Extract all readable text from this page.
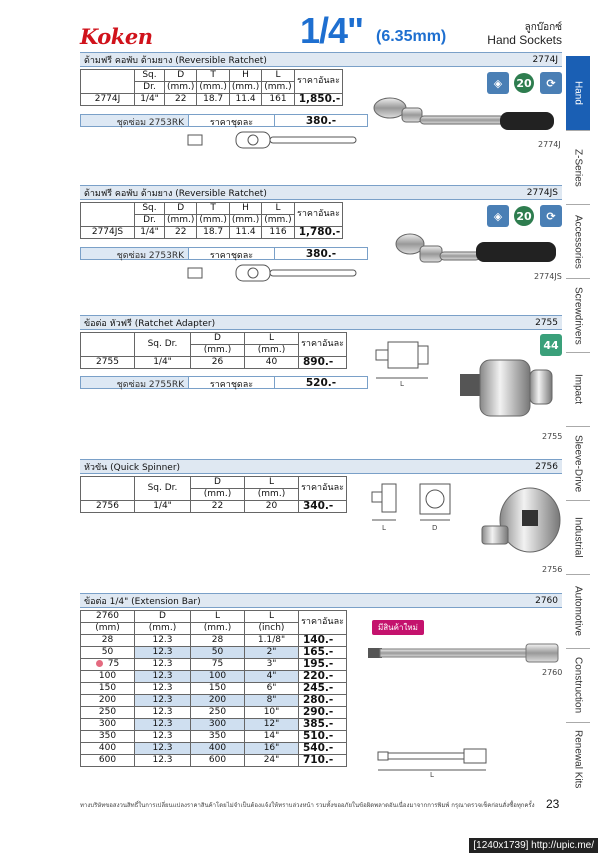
Koken	1/4" (6.35mm)
ลูกบ๊อกซ์
Hand Sockets
Hand
Z-Series
Accessories
Screwdrivers
Impact
Sleeve-Drive
Industrial
Automotive
Construction
Renewal Kits
ด้ามฟรี คอพับ ด้ามยาง (Reversible Ratchet)	2774J
	Sq.	D	T	H	L	ราคาอันละ
	Dr.	(mm.)	(mm.)	(mm.)	(mm.)	
2774J	1/4"	22	18.7	11.4	161	1,850.-
ชุดซ่อม 2753RK	ราคาชุดละ	380.-
◈	20	⟳
2774J
ด้ามฟรี คอพับ ด้ามยาง (Reversible Ratchet)	2774JS
	Sq.	D	T	H	L	ราคาอันละ
	Dr.	(mm.)	(mm.)	(mm.)	(mm.)	
2774JS	1/4"	22	18.7	11.4	116	1,780.-
ชุดซ่อม 2753RK	ราคาชุดละ	380.-
◈	20	⟳
2774JS
ข้อต่อ หัวฟรี (Ratchet Adapter)	2755
	Sq. Dr.	D	L	ราคาอันละ
		(mm.)	(mm.)	
2755	1/4"	26	40	890.-
ชุดซ่อม 2755RK	ราคาชุดละ	520.-	L
44
2755
หัวขัน (Quick Spinner)	2756
	Sq. Dr.	D	L	ราคาอันละ
		(mm.)	(mm.)	
2756	1/4"	22	20	340.-
L	D
2756
ข้อต่อ 1/4" (Extension Bar)	2760
2760	D	L	L	ราคาอันละ
(mm)	(mm.)	(mm.)	(inch)	
28	12.3	28	1.1/8"	140.-
50	12.3	50	2"	165.-
75	12.3	75	3"	195.-
100	12.3	100	4"	220.-
150	12.3	150	6"	245.-
200	12.3	200	8"	280.-
250	12.3	250	10"	290.-
300	12.3	300	12"	385.-
350	12.3	350	14"	510.-
400	12.3	400	16"	540.-
600	12.3	600	24"	710.-
มีสินค้าใหม่
2760
L
ทางบริษัทขอสงวนสิทธิ์ในการเปลี่ยนแปลงราคาสินค้าโดยไม่จำเป็นต้องแจ้งให้ทราบล่วงหน้า รวมทั้งขออภัยในข้อผิดพลาดอันเนื่องมาจากการพิมพ์ กรุณาตรวจเช็คก่อนสั่งซื้อทุกครั้ง 23
[1240x1739] http://upic.me/
